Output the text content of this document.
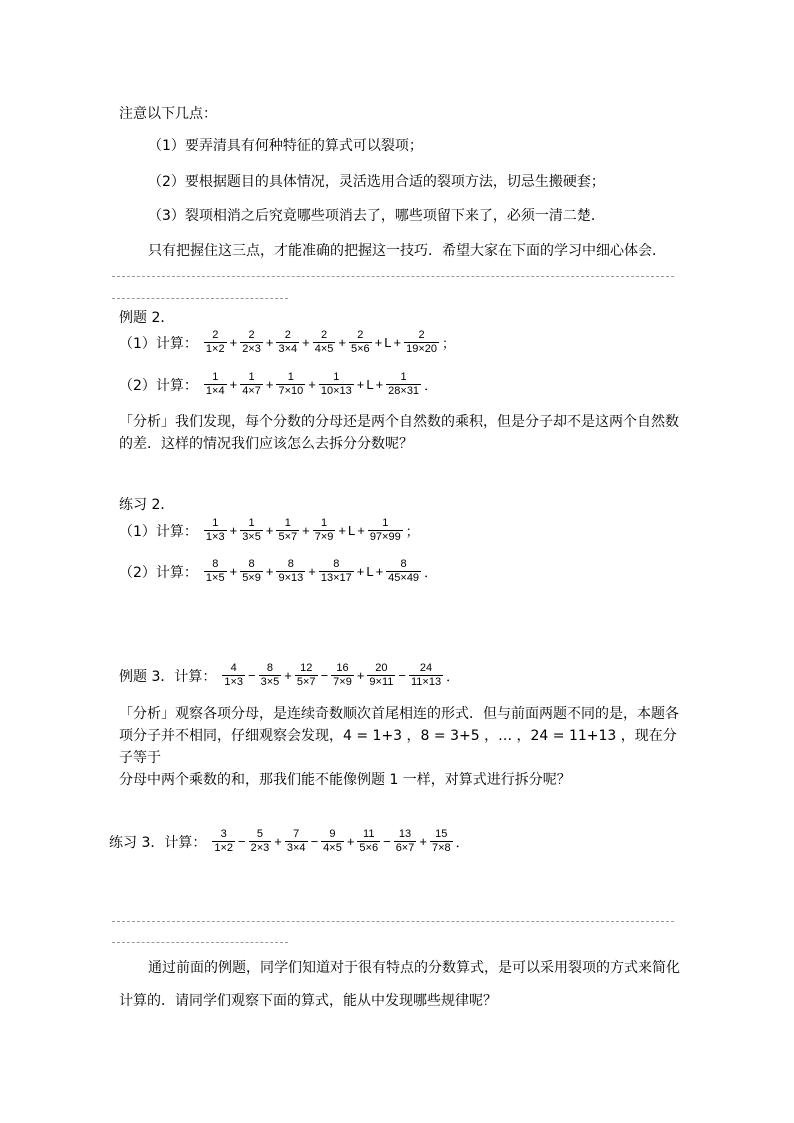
注意以下几点：
（1）要弄清具有何种特征的算式可以裂项；
（2）要根据题目的具体情况，灵活选用合适的裂项方法，切忌生搬硬套；
（3）裂项相消之后究竟哪些项消去了，哪些项留下来了，必须一清二楚．
只有把握住这三点，才能准确的把握这一技巧．希望大家在下面的学习中细心体会．
例题 2．
（1）计算： $\frac{2}{1\times 2} + \frac{2}{2\times 3} + \frac{2}{3\times 4} + \frac{2}{4\times 5} + \frac{2}{5\times 6} + L + \frac{2}{19\times 20}$ ；
（2）计算： $\frac{1}{1\times 4} + \frac{1}{4\times 7} + \frac{1}{7\times 10} + \frac{1}{10\times 13} + L + \frac{1}{28\times 31}$ ．

「分析」我们发现，每个分数的分母还是两个自然数的乘积，但是分子却不是这两个自然数

的差．这样的情况我们应该怎么去拆分分数呢？

练习 2．
（1）计算： $\frac{1}{1\times 3} + \frac{1}{3\times 5} + \frac{1}{5\times 7} + \frac{1}{7\times 9} + L + \frac{1}{97\times 99}$ ；
（2）计算： $\frac{8}{1\times 5} + \frac{8}{5\times 9} + \frac{8}{9\times 13} + \frac{8}{13\times 17} + L + \frac{8}{45\times 49}$ ．
例题 3．计算： $\frac{4}{1\times 3} - \frac{8}{3\times 5} + \frac{12}{5\times 7} - \frac{16}{7\times 9} + \frac{20}{9\times 11} - \frac{24}{11\times 13}$ ．

「分析」观察各项分母，是连续奇数顺次首尾相连的形式．但与前面两题不同的是，本题各

项分子并不相同，仔细观察会发现，4 = 1+3 ，8 = 3+5 ，… ，24 = 11+13 ，现在分子等于

分母中两个乘数的和，那我们能不能像例题 1 一样，对算式进行拆分呢？

练习 3．计算： $\frac{3}{1\times 2} - \frac{5}{2\times 3} + \frac{7}{3\times 4} - \frac{9}{4\times 5} + \frac{11}{5\times 6} - \frac{13}{6\times 7} + \frac{15}{7\times 8}$ ．
通过前面的例题，同学们知道对于很有特点的分数算式，是可以采用裂项的方式来简化
计算的．请同学们观察下面的算式，能从中发现哪些规律呢？
